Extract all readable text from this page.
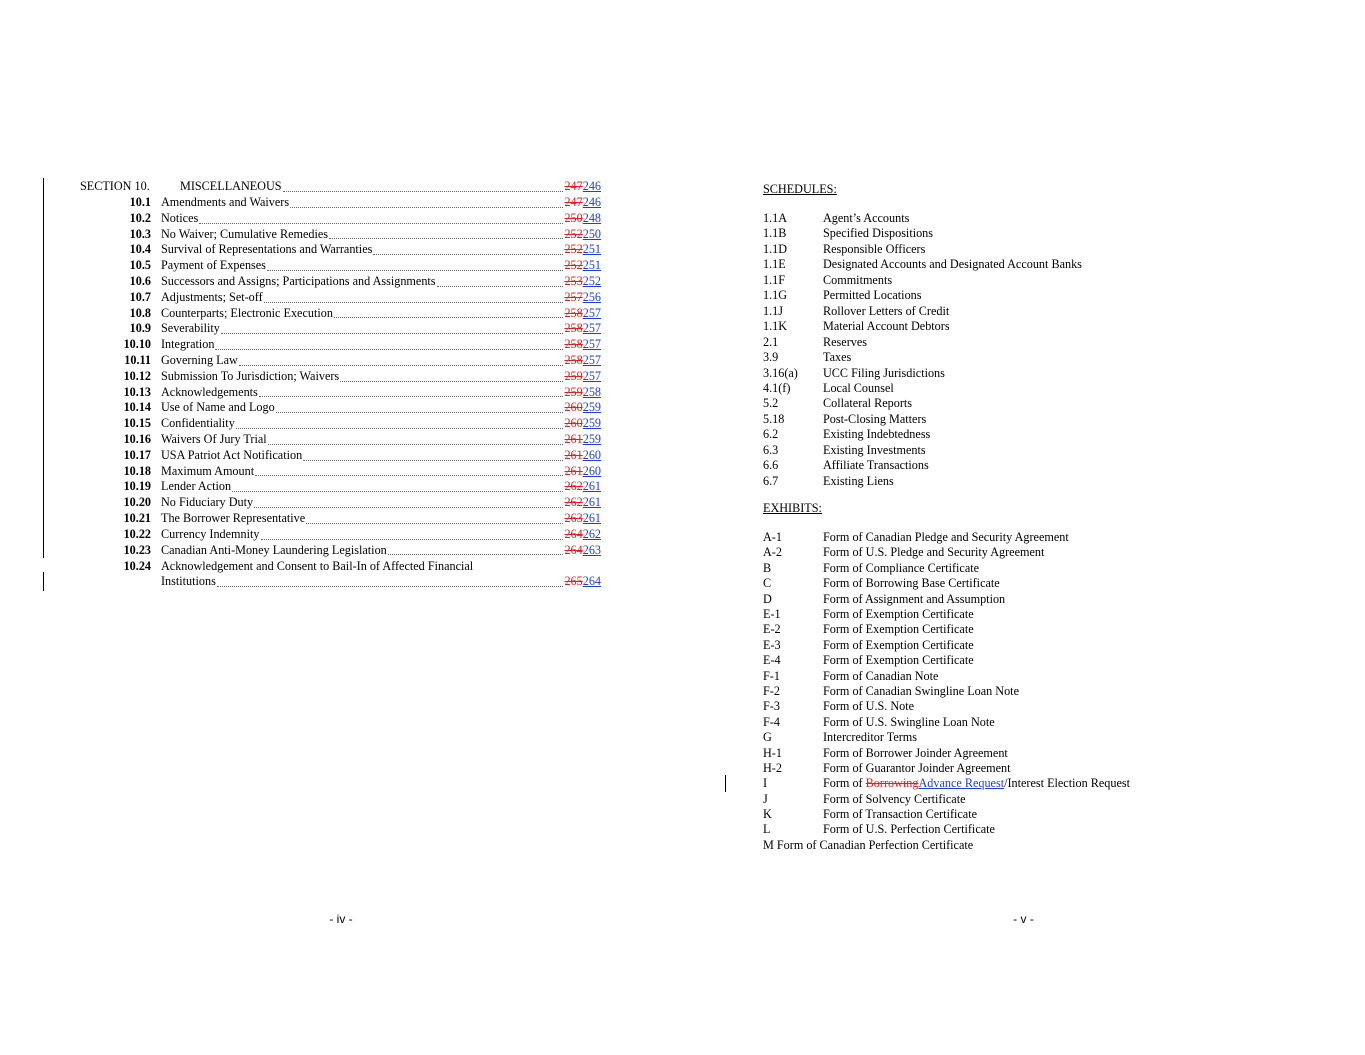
SECTION 10.	MISCELLANEOUS	247 246
10.1 Amendments and Waivers	247 246
10.2 Notices	250 248
10.3 No Waiver; Cumulative Remedies	252 250
10.4 Survival of Representations and Warranties	252 251
10.5 Payment of Expenses	252 251
10.6 Successors and Assigns; Participations and Assignments	253 252
10.7 Adjustments; Set-off	257 256
10.8 Counterparts; Electronic Execution	258 257
10.9 Severability	258 257
10.10 Integration	258 257
10.11 Governing Law	258 257
10.12 Submission To Jurisdiction; Waivers	259 257
10.13 Acknowledgements	259 258
10.14 Use of Name and Logo	260 259
10.15 Confidentiality	260 259
10.16 Waivers Of Jury Trial	261 259
10.17 USA Patriot Act Notification	261 260
10.18 Maximum Amount	261 260
10.19 Lender Action	262 261
10.20 No Fiduciary Duty	262 261
10.21 The Borrower Representative	263 261
10.22 Currency Indemnity	264 262
10.23 Canadian Anti-Money Laundering Legislation	264 263
10.24 Acknowledgement and Consent to Bail-In of Affected Financial
Institutions	265 264
- iv -
SCHEDULES:
1.1A	Agent’s Accounts
1.1B	Specified Dispositions
1.1D	Responsible Officers
1.1E	Designated Accounts and Designated Account Banks
1.1F	Commitments
1.1G	Permitted Locations
1.1J	Rollover Letters of Credit
1.1K	Material Account Debtors
2.1	Reserves
3.9	Taxes
3.16(a) UCC Filing Jurisdictions
4.1(f)	Local Counsel
5.2	Collateral Reports
5.18	Post-Closing Matters
6.2	Existing Indebtedness
6.3	Existing Investments
6.6	Affiliate Transactions
6.7	Existing Liens
EXHIBITS:
A-1	Form of Canadian Pledge and Security Agreement
A-2	Form of U.S. Pledge and Security Agreement
B	Form of Compliance Certificate
C	Form of Borrowing Base Certificate
D	Form of Assignment and Assumption
E-1	Form of Exemption Certificate
E-2	Form of Exemption Certificate
E-3	Form of Exemption Certificate
E-4	Form of Exemption Certificate
F-1	Form of Canadian Note
F-2	Form of Canadian Swingline Loan Note
F-3	Form of U.S. Note
F-4	Form of U.S. Swingline Loan Note
G	Intercreditor Terms
H-1	Form of Borrower Joinder Agreement
H-2	Form of Guarantor Joinder Agreement
I	Form of BorrowingAdvance Request/Interest Election Request
J	Form of Solvency Certificate
K	Form of Transaction Certificate
L	Form of U.S. Perfection Certificate
M Form of Canadian Perfection Certificate
- v -
